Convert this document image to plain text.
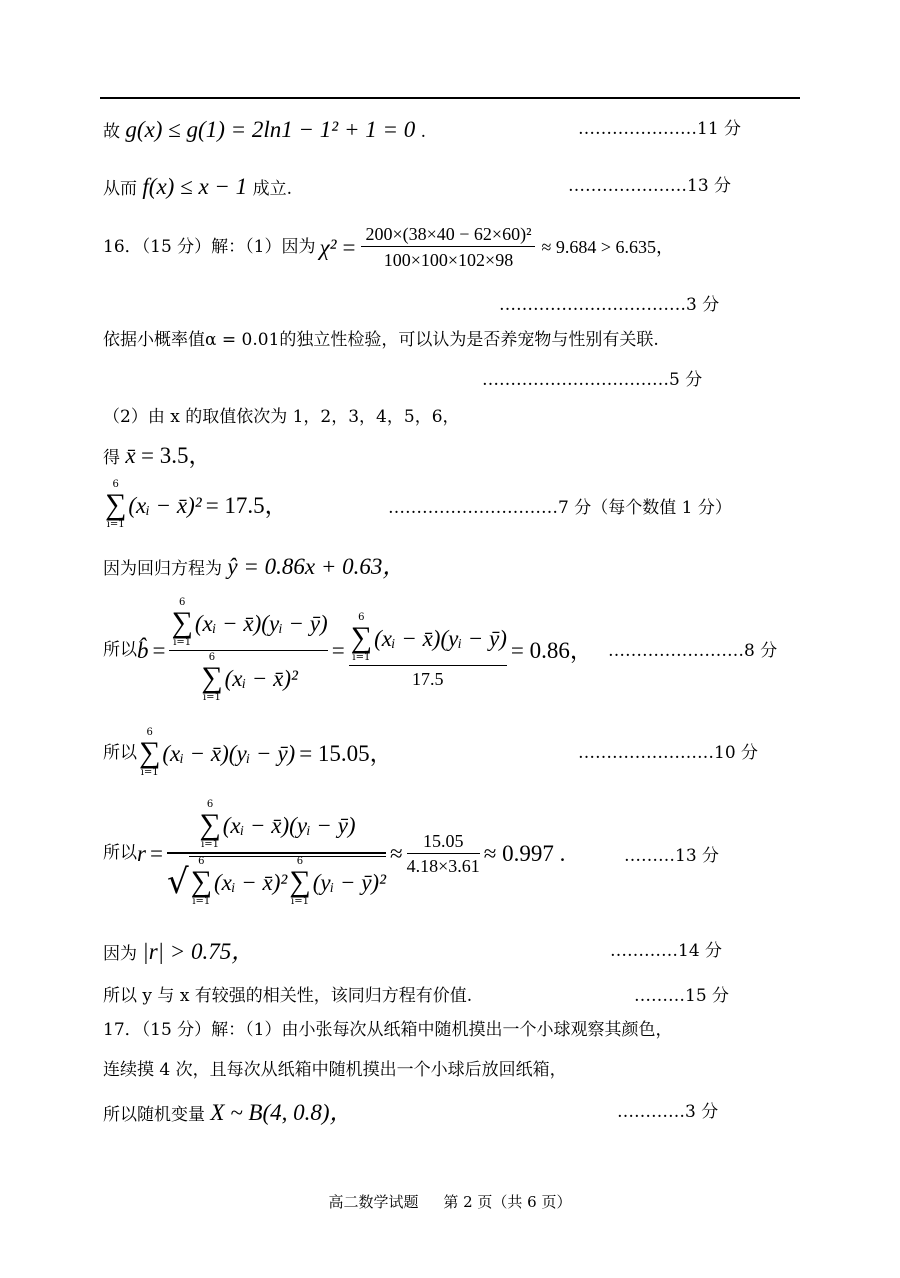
故 g(x) ≤ g(1) = 2ln1 − 1² + 1 = 0 .	…………………11 分
从而 f(x) ≤ x − 1 成立.	…………………13 分
16．（15 分）解：（1）因为 $\chi^2 = \frac{\text{200×(38×40 − 62×60)²}}{100\times 100\times 102\times 98} \approx 9.684 > 6.635$，
……………………………3 分
依据小概率值α = 0.01的独立性检验，可以认为是否养宠物与性别有关联.
……………………………5 分
（2）由 x 的取值依次为 1，2，3，4，5，6，
得 x̄ = 3.5，
6
∑
i=1
(xᵢ − x̄)² = 17.5，	…………………………7 分（每个数值 1 分）
因为回归方程为 ŷ = 0.86x + 0.63，
所以 b̂ =
6
∑
i=1
(xᵢ − x̄) (yᵢ − ȳ)
6
∑
i=1
(xᵢ − x̄)²
=
6
∑
i=1
(xᵢ − x̄) (yᵢ − ȳ)
17.5
= 0.86， ……………………8 分
所以
6
∑
i=1
(xᵢ − x̄) (yᵢ − ȳ) = 15.05，	……………………10 分
所以 r =
6
∑
i=1
(xᵢ − x̄) (yᵢ − ȳ)
√ 6
∑
i=1
(xᵢ − x̄)²
6
∑
i=1
(yᵢ − ȳ)²
≈ $\frac{15.05}{4.18\times 3.61} \approx 0.997$ .	………13 分
因为 |r| > 0.75，	…………14 分
所以 y 与 x 有较强的相关性，该同归方程有价值.	………15 分
17．（15 分）解：（1）由小张每次从纸箱中随机摸出一个小球观察其颜色，
连续摸 4 次，且每次从纸箱中随机摸出一个小球后放回纸箱，
所以随机变量 X ~ B(4, 0.8)，	…………3 分
高二数学试题 第 2 页（共 6 页）
